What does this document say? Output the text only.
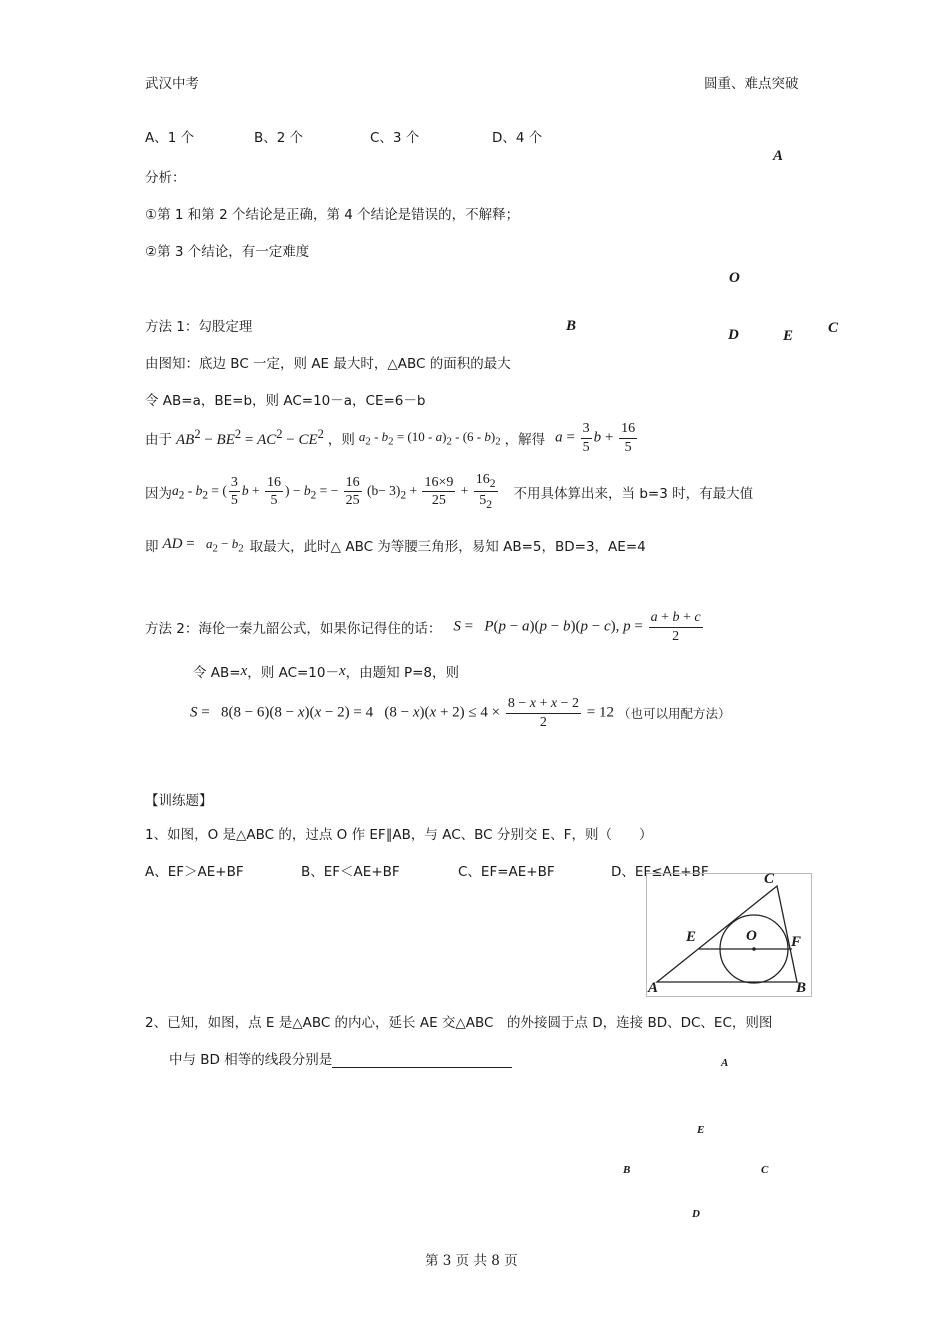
武汉中考	圆重、难点突破
A、1 个	B、2 个	C、3 个	D、4 个
A
O
B
D	E C
分析：
①第 1 和第 2 个结论是正确，第 4 个结论是错误的，不解释；
②第 3 个结论，有一定难度
方法 1：勾股定理
由图知：底边 BC 一定，则 AE 最大时，△ABC 的面积的最大
令 AB=a，BE=b，则 AC=10－a，CE=6－b
由于 $AB^2 - BE^2 = AC^2 - CE^2$ ，则 $a_2 - b_2 = (10 - a)_2 - (6 - b)_2$ ，解得 $a = \frac{3}{5}$ $b + \frac{16}{5}$
因为 $a_2 - b_2$ = ( $\frac{3}{5}$ $b + \frac{16}{5}$ ) − $b_2$ = − $\frac{16}{25} (b- 3)_2 + \frac{16\times 9}{25} + \frac{16_2}{5_2}$ 不用具体算出来，当 b=3 时，有最大值
即 AD =   $a_2 - b_2$ 取最大，此时△ ABC 为等腰三角形，易知 AB=5，BD=3，AE=4
方法 2：海伦一秦九韶公式，如果你记得住的话： S =   P(p − a)(p − b)(p − c), $p = \frac{a + b + c}{2}$
令 AB= x ，则 AC=10－ x ，由题知 P=8，则
S =   8(8 − 6)(8 − x)(x − 2) = 4   $(8 - x)(x + 2) \le 4 \times \frac{8 - x + x - 2}{2} = 12$ （也可以用配方法）
【训练题】
1、如图，O 是△ABC 的，过点 O 作 EF∥AB，与 AC、BC 分别交 E、F，则（　　）
A、EF＞AE+BF	B、EF＜AE+BF	C、EF=AE+BF	D、EF≤AE+BF	C
E	O F
A	B
2、已知，如图，点 E 是△ABC 的内心，延长 AE 交△ABC　的外接圆于点 D，连接 BD、DC、EC，则图
中与 BD 相等的线段分别是	A
E
B	C
D
第 3 页 共 8 页
